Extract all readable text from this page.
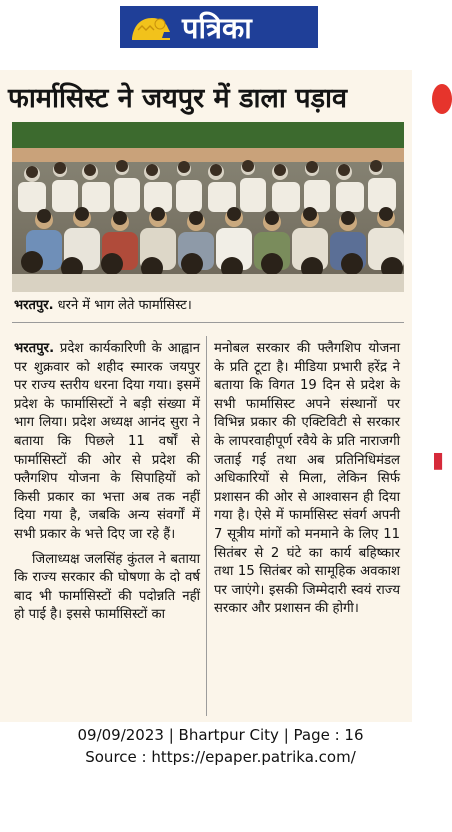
पत्रिका
फार्मासिस्ट ने जयपुर में डाला पड़ाव
भरतपुर. धरने में भाग लेते फार्मासिस्ट।

भरतपुर. प्रदेश कार्यकारिणी के आह्वान पर शुक्रवार को शहीद स्मारक जयपुर पर राज्य स्तरीय धरना दिया गया। इसमें प्रदेश के फार्मासिस्टों ने बड़ी संख्या में भाग लिया। प्रदेश अध्यक्ष आनंद सुरा ने बताया कि पिछले 11 वर्षों से फार्मासिस्टों की ओर से प्रदेश की फ्लैगशिप योजना के सिपाहियों को किसी प्रकार का भत्ता अब तक नहीं दिया गया है, जबकि अन्य संवर्गों में सभी प्रकार के भत्ते दिए जा रहे हैं।

जिलाध्यक्ष जलसिंह कुंतल ने बताया कि राज्य सरकार की घोषणा के दो वर्ष बाद भी फार्मासिस्टों की पदोन्नति नहीं हो पाई है। इससे फार्मासिस्टों का

मनोबल सरकार की फ्लैगशिप योजना के प्रति टूटा है। मीडिया प्रभारी हरेंद्र ने बताया कि विगत 19 दिन से प्रदेश के सभी फार्मासिस्ट अपने संस्थानों पर विभिन्न प्रकार की एक्टिविटी से सरकार के लापरवाहीपूर्ण रवैये के प्रति नाराजगी जताई गई तथा अब प्रतिनिधिमंडल अधिकारियों से मिला, लेकिन सिर्फ प्रशासन की ओर से आश्वासन ही दिया गया है। ऐसे में फार्मासिस्ट संवर्ग अपनी 7 सूत्रीय मांगों को मनमाने के लिए 11 सितंबर से 2 घंटे का कार्य बहिष्कार तथा 15 सितंबर को सामूहिक अवकाश पर जाएंगे। इसकी जिम्मेदारी स्वयं राज्य सरकार और प्रशासन की होगी।

▮
09/09/2023 | Bhartpur City | Page : 16
Source : https://epaper.patrika.com/
